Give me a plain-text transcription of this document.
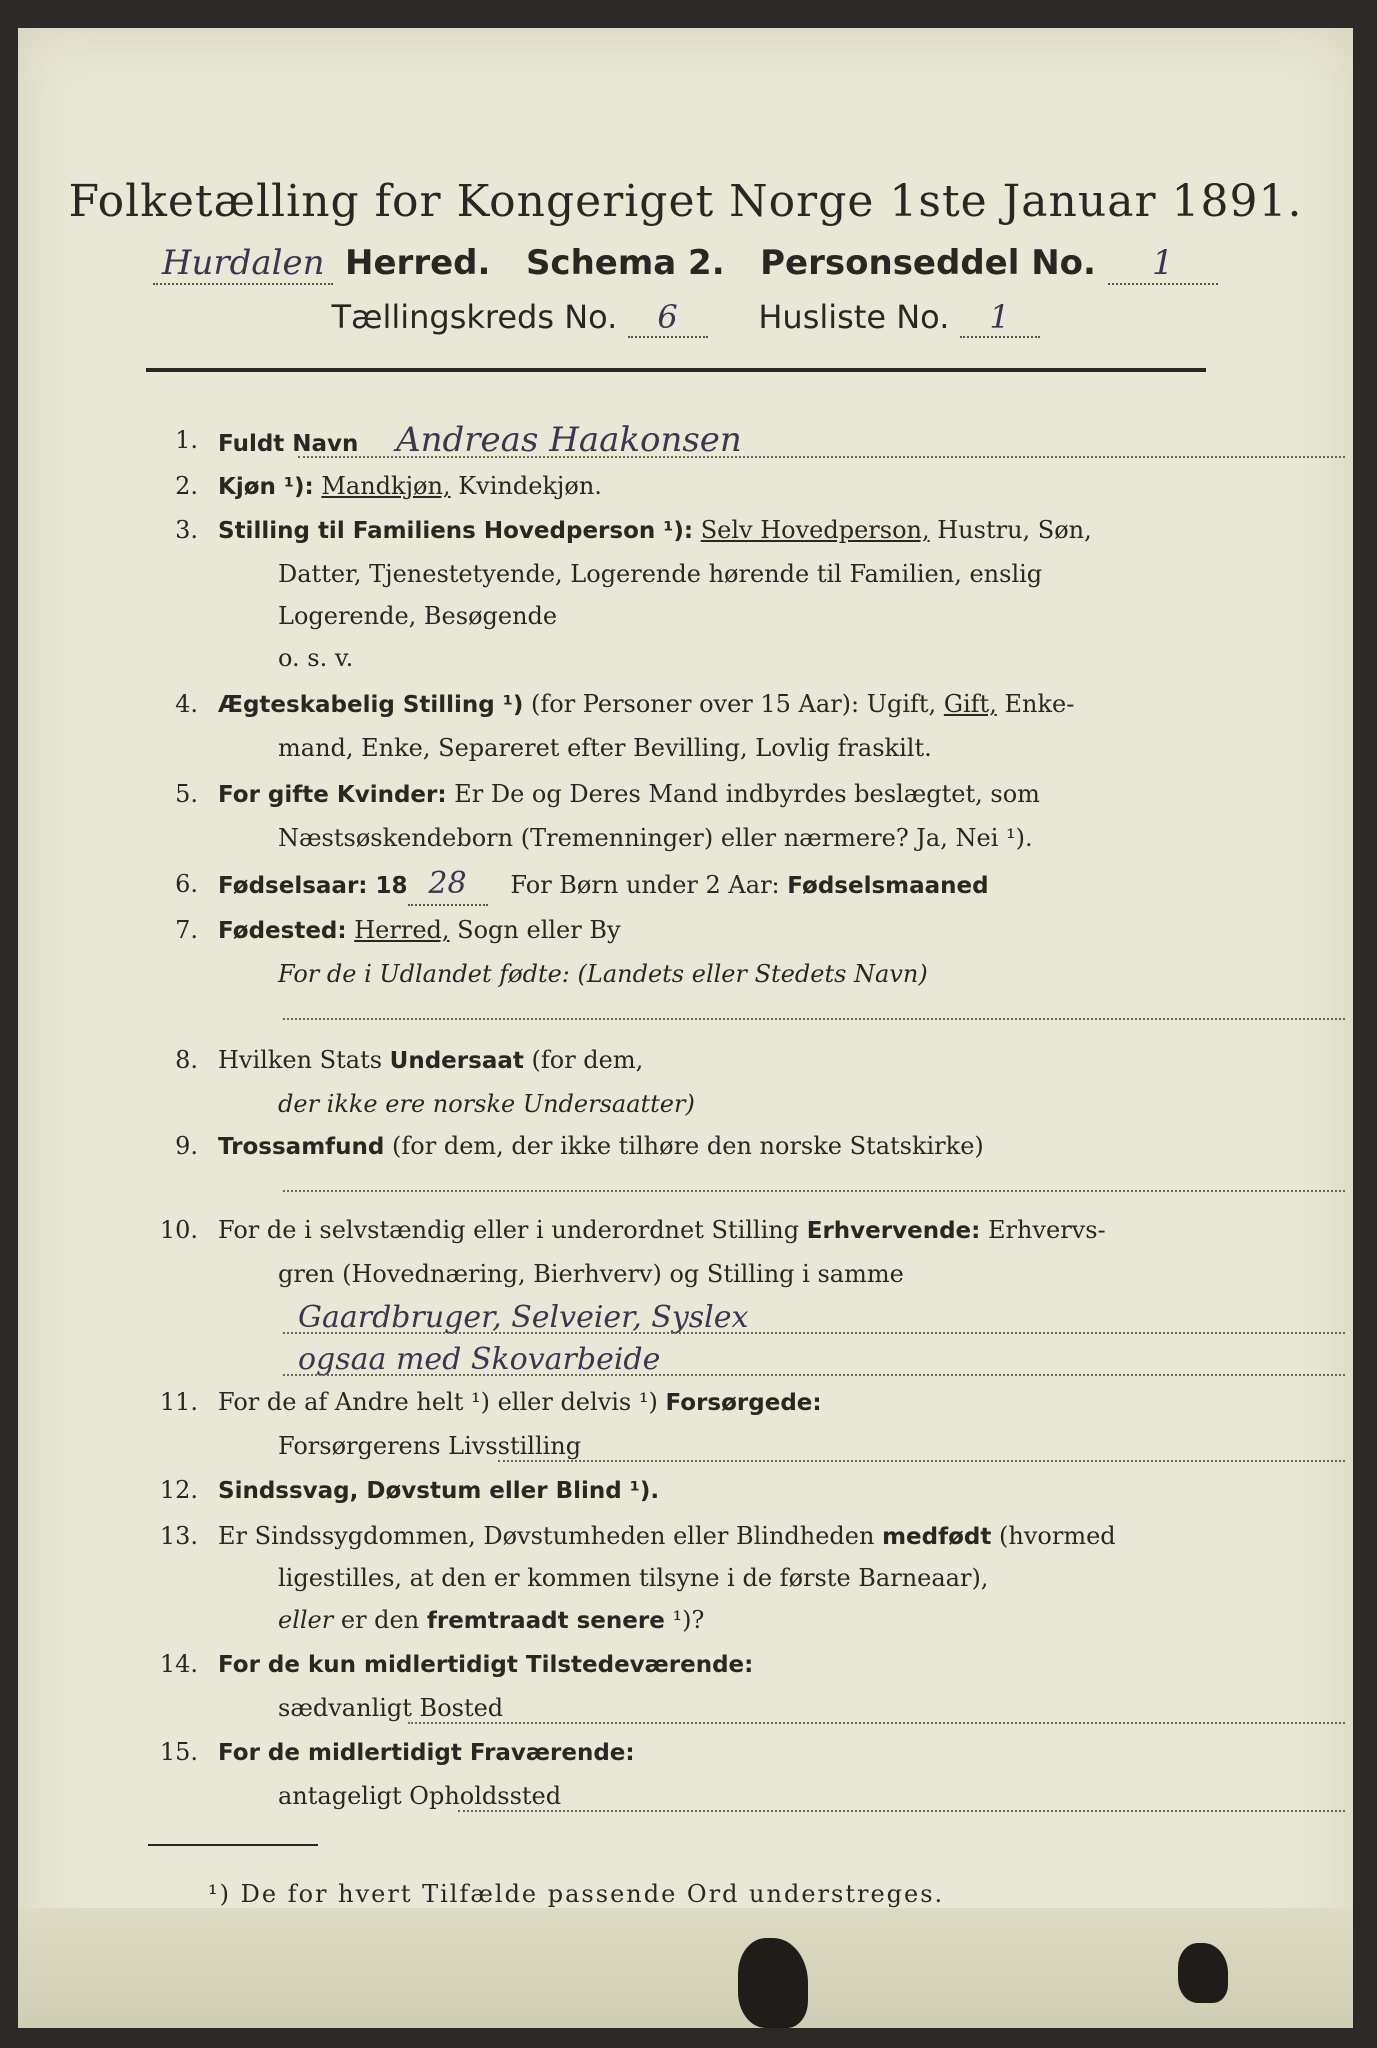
Folketælling for Kongeriget Norge 1ste Januar 1891.
Hurdalen Herred. Schema 2. Personseddel No. 1
Tællingskreds No. 6	Husliste No. 1
1. Fuldt Navn Andreas Haakonsen
2. Kjøn ¹): Mandkjøn, Kvindekjøn.
3. Stilling til Familiens Hovedperson ¹): Selv Hovedperson, Hustru, Søn,
Datter, Tjenestetyende, Logerende hørende til Familien, enslig
Logerende, Besøgende
o. s. v.
4. Ægteskabelig Stilling ¹) (for Personer over 15 Aar): Ugift, Gift, Enke-
mand, Enke, Separeret efter Bevilling, Lovlig fraskilt.
5. For gifte Kvinder: Er De og Deres Mand indbyrdes beslægtet, som
Næstsøskendeborn (Tremenninger) eller nærmere? Ja, Nei ¹).
6. Fødselsaar: 18 28 For Børn under 2 Aar: Fødselsmaaned
7. Fødested: Herred, Sogn eller By
For de i Udlandet fødte: (Landets eller Stedets Navn)
8. Hvilken Stats Undersaat (for dem,
der ikke ere norske Undersaatter)
9. Trossamfund (for dem, der ikke tilhøre den norske Statskirke)
10. For de i selvstændig eller i underordnet Stilling Erhvervende: Erhvervs-
gren (Hovednæring, Bierhverv) og Stilling i samme
Gaardbruger, Selveier, Syslex
ogsaa med Skovarbeide
11. For de af Andre helt ¹) eller delvis ¹) Forsørgede:
Forsørgerens Livsstilling
12. Sindssvag, Døvstum eller Blind ¹).
13. Er Sindssygdommen, Døvstumheden eller Blindheden medfødt (hvormed
ligestilles, at den er kommen tilsyne i de første Barneaar),
eller er den fremtraadt senere ¹)?
14. For de kun midlertidigt Tilstedeværende:
sædvanligt Bosted
15. For de midlertidigt Fraværende:
antageligt Opholdssted
¹) De for hvert Tilfælde passende Ord understreges.
